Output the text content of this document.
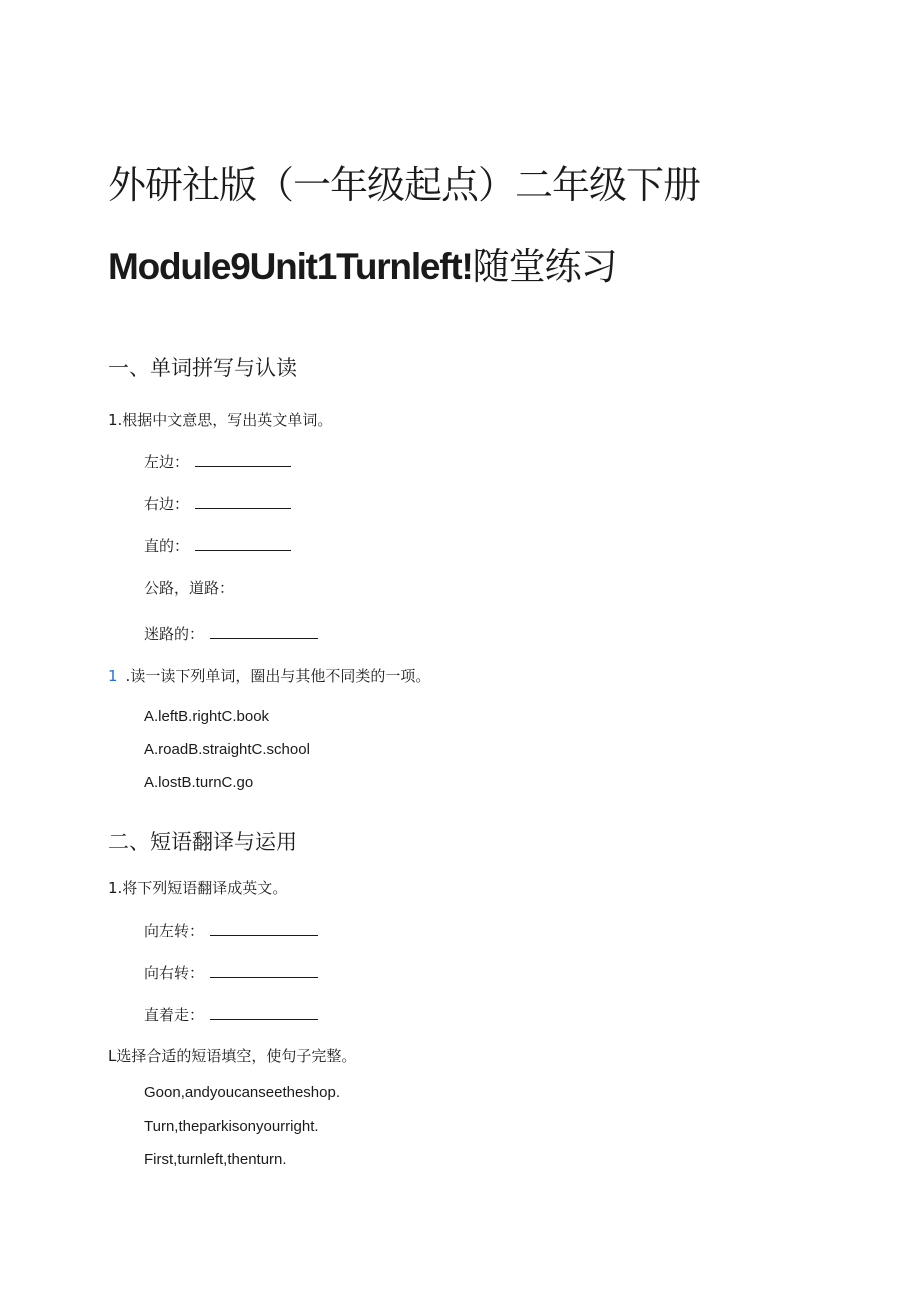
外研社版（一年级起点）二年级下册
Module9Unit1Turnleft!随堂练习
一、单词拼写与认读
1.根据中文意思，写出英文单词。
左边：
右边：
直的：
公路，道路：
迷路的：
1 .读一读下列单词，圈出与其他不同类的一项。
A.leftB.rightC.book
A.roadB.straightC.school
A.lostB.turnC.go
二、短语翻译与运用
1.将下列短语翻译成英文。
向左转：
向右转：
直着走：
L选择合适的短语填空，使句子完整。
Goon,andyoucanseetheshop.
Turn,theparkisonyourright.
First,turnleft,thenturn.
